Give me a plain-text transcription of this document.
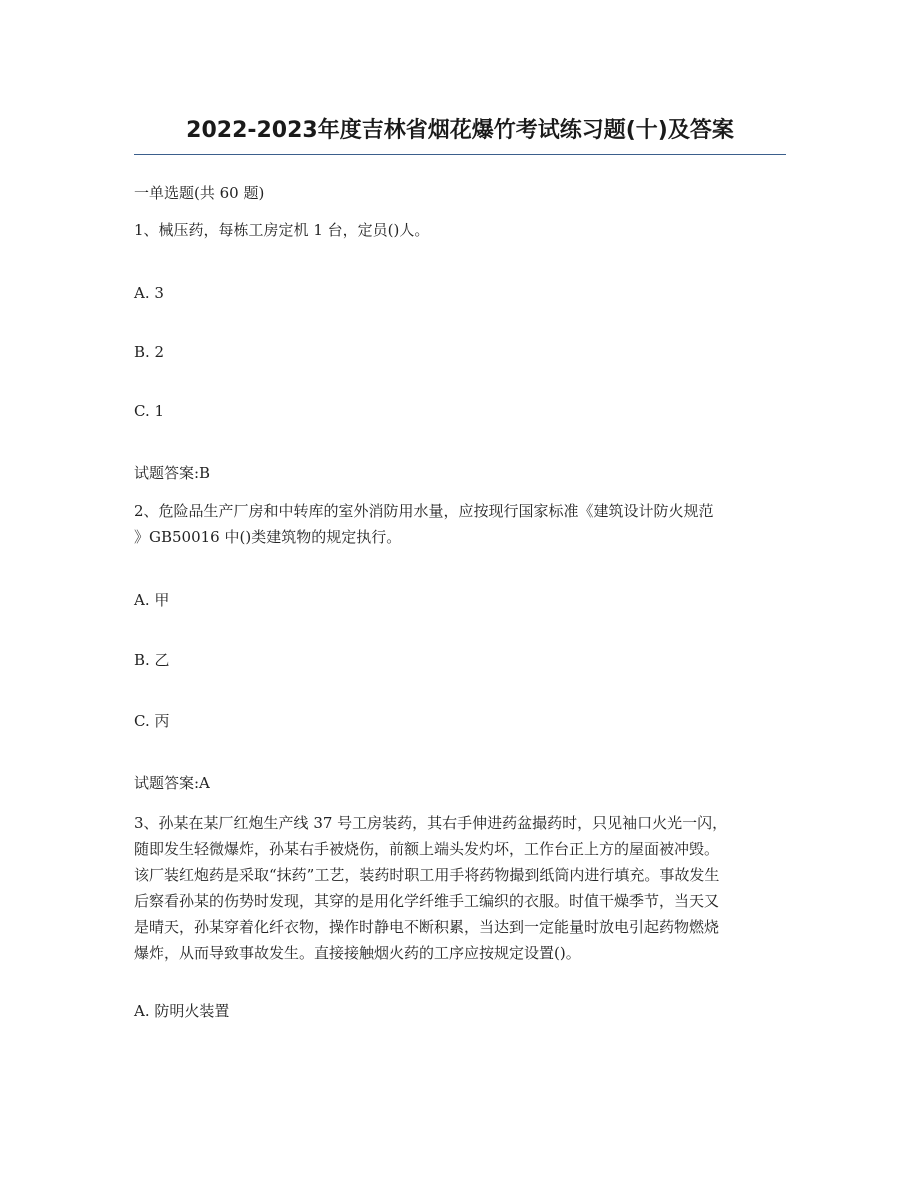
2022-2023年度吉林省烟花爆竹考试练习题(十)及答案

一单选题(共 60 题)

1、械压药，每栋工房定机 1 台，定员()人。

A. 3

B. 2

C. 1

试题答案:B

2、危险品生产厂房和中转库的室外消防用水量，应按现行国家标准《建筑设计防火规范

》GB50016 中()类建筑物的规定执行。

A. 甲

B. 乙

C. 丙

试题答案:A

3、孙某在某厂红炮生产线 37 号工房装药，其右手伸进药盆撮药时，只见袖口火光一闪，

随即发生轻微爆炸，孙某右手被烧伤，前额上端头发灼坏，工作台正上方的屋面被冲毁。

该厂装红炮药是采取“抹药”工艺，装药时职工用手将药物撮到纸筒内进行填充。事故发生

后察看孙某的伤势时发现，其穿的是用化学纤维手工编织的衣服。时值干燥季节，当天又

是晴天，孙某穿着化纤衣物，操作时静电不断积累，当达到一定能量时放电引起药物燃烧

爆炸，从而导致事故发生。直接接触烟火药的工序应按规定设置()。

A. 防明火装置
